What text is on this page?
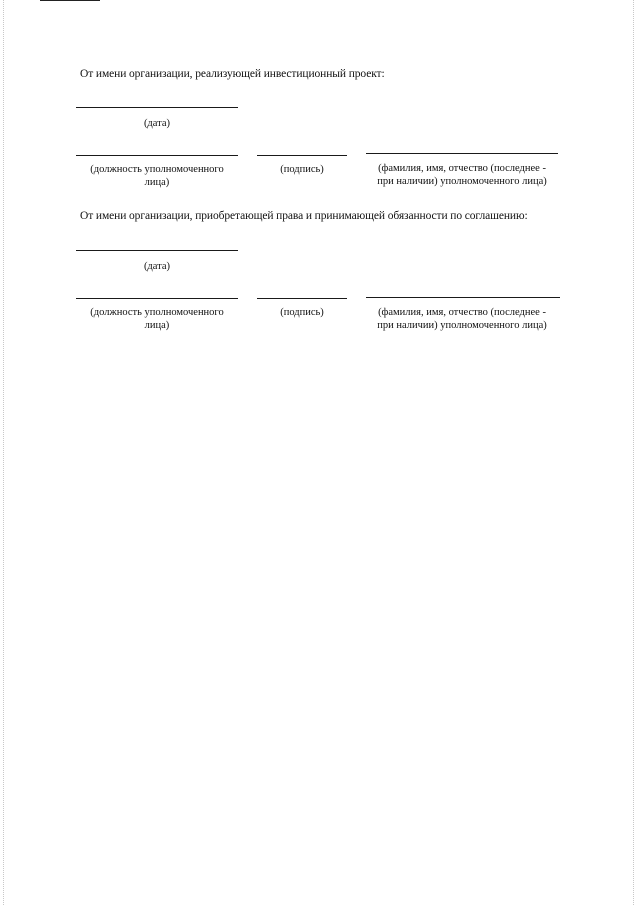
От имени организации, реализующей инвестиционный проект:
(дата)
(должность уполномоченного
лица)
(подпись)	(фамилия, имя, отчество (последнее -
при наличии) уполномоченного лица)
От имени организации, приобретающей права и принимающей обязанности по соглашению:
(дата)
(должность уполномоченного
лица)
(подпись)	(фамилия, имя, отчество (последнее -
при наличии) уполномоченного лица)
